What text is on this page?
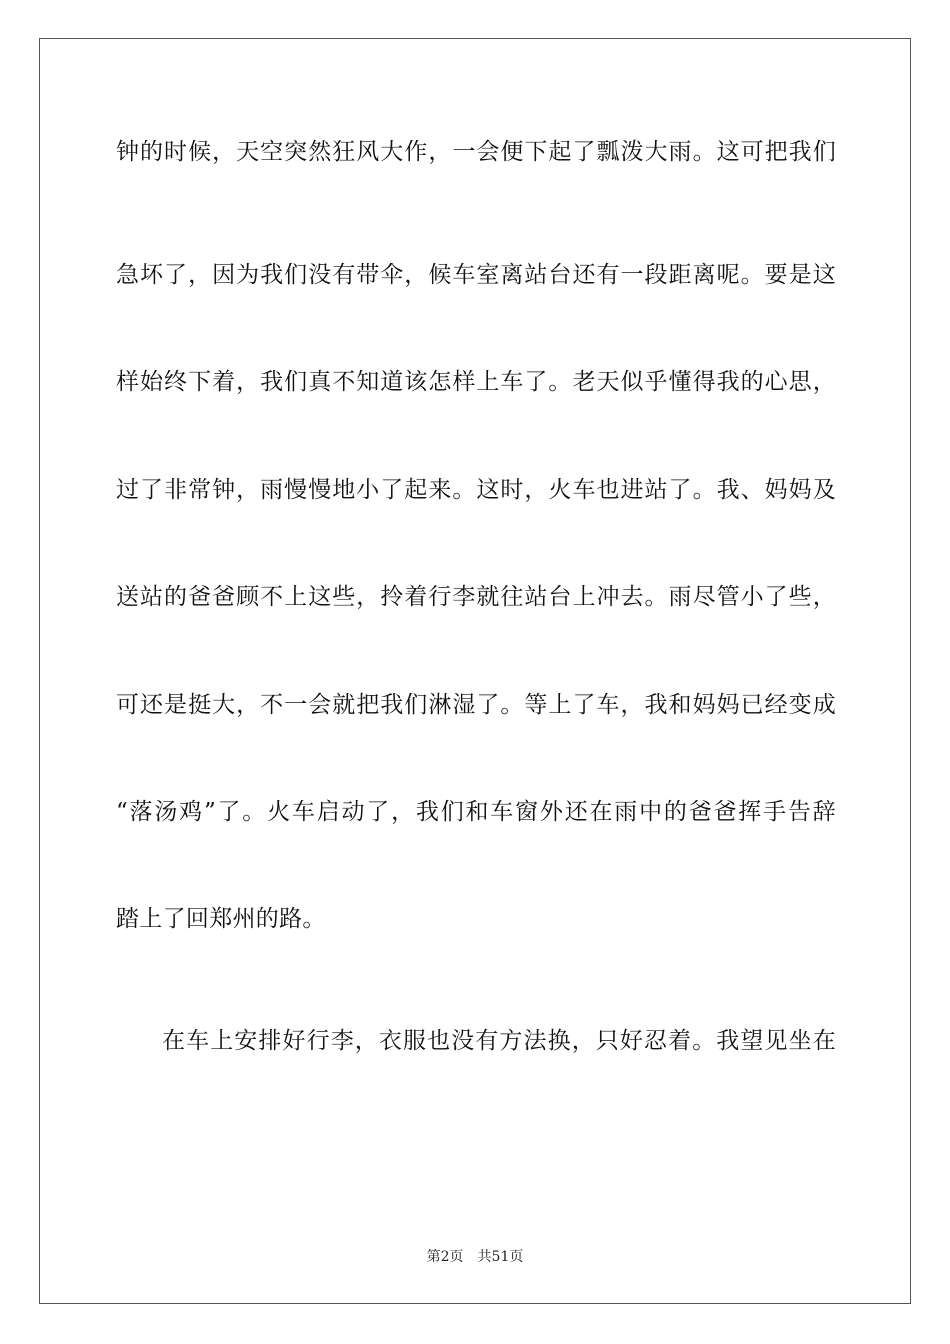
钟的时候，天空突然狂风大作，一会便下起了瓢泼大雨。这可把我们
急坏了，因为我们没有带伞，候车室离站台还有一段距离呢。要是这
样始终下着，我们真不知道该怎样上车了。老天似乎懂得我的心思，
过了非常钟，雨慢慢地小了起来。这时，火车也进站了。我、妈妈及
送站的爸爸顾不上这些，拎着行李就往站台上冲去。雨尽管小了些，
可还是挺大，不一会就把我们淋湿了。等上了车，我和妈妈已经变成
“落汤鸡”了。火车启动了，我们和车窗外还在雨中的爸爸挥手告辞
踏上了回郑州的路。
在车上安排好行李，衣服也没有方法换，只好忍着。我望见坐在
第2页 共51页
